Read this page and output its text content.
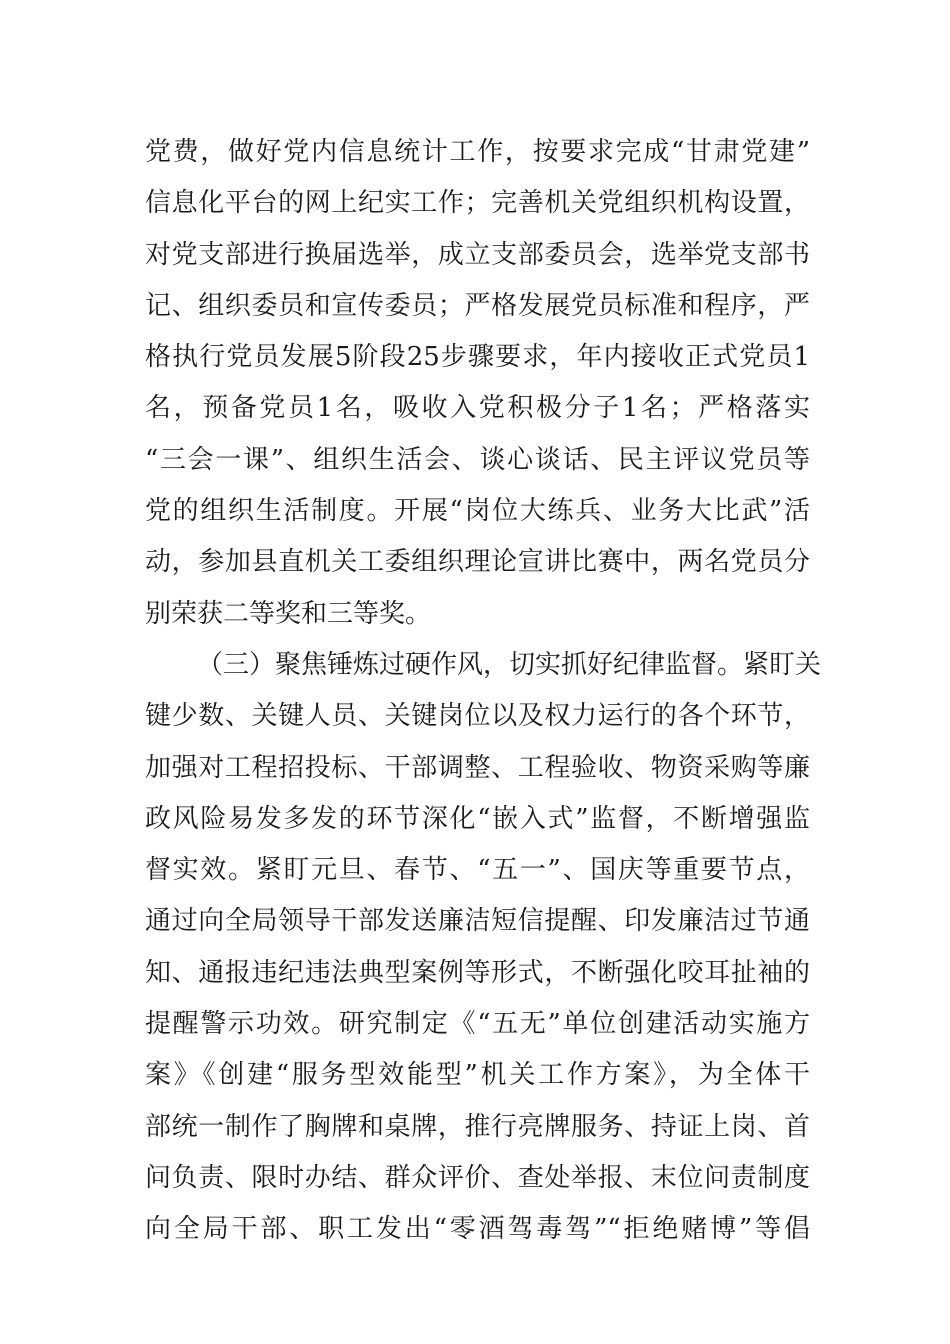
党费，做好党内信息统计工作，按要求完成“甘肃党建”
信息化平台的网上纪实工作；完善机关党组织机构设置，
对党支部进行换届选举，成立支部委员会，选举党支部书
记、组织委员和宣传委员；严格发展党员标准和程序，严
格执行党员发展5阶段25步骤要求，年内接收正式党员1
名，预备党员1名，吸收入党积极分子1名；严格落实
“三会一课”、组织生活会、谈心谈话、民主评议党员等
党的组织生活制度。开展“岗位大练兵、业务大比武”活
动，参加县直机关工委组织理论宣讲比赛中，两名党员分
别荣获二等奖和三等奖。
（三）聚焦锤炼过硬作风，切实抓好纪律监督。紧盯关
键少数、关键人员、关键岗位以及权力运行的各个环节，
加强对工程招投标、干部调整、工程验收、物资采购等廉
政风险易发多发的环节深化“嵌入式”监督，不断增强监
督实效。紧盯元旦、春节、“五一”、国庆等重要节点，
通过向全局领导干部发送廉洁短信提醒、印发廉洁过节通
知、通报违纪违法典型案例等形式，不断强化咬耳扯袖的
提醒警示功效。研究制定《“五无”单位创建活动实施方
案》《创建“服务型效能型”机关工作方案》，为全体干
部统一制作了胸牌和桌牌，推行亮牌服务、持证上岗、首
问负责、限时办结、群众评价、查处举报、末位问责制度
向全局干部、职工发出“零酒驾毒驾”“拒绝赌博”等倡
